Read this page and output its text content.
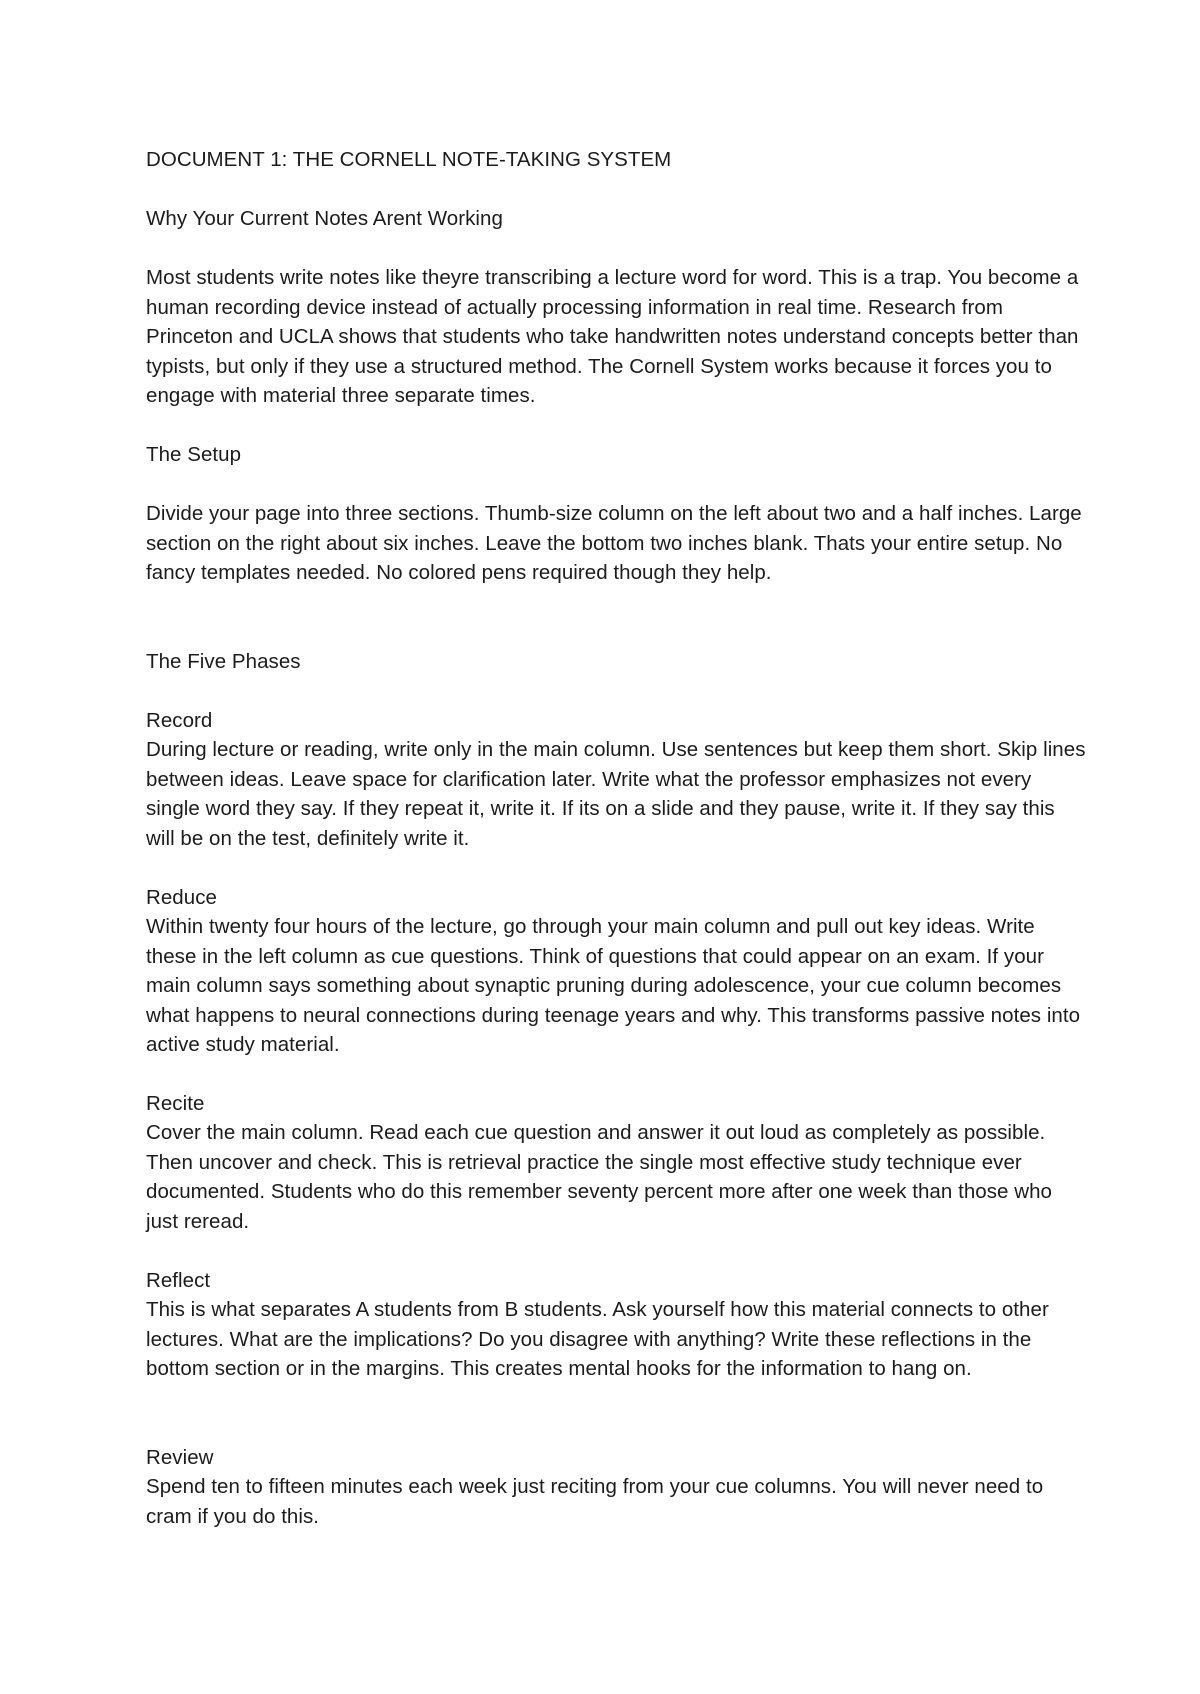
DOCUMENT 1: THE CORNELL NOTE-TAKING SYSTEM
Why Your Current Notes Arent Working
Most students write notes like theyre transcribing a lecture word for word. This is a trap. You become a human recording device instead of actually processing information in real time. Research from Princeton and UCLA shows that students who take handwritten notes understand concepts better than typists, but only if they use a structured method. The Cornell System works because it forces you to engage with material three separate times.
The Setup
Divide your page into three sections. Thumb-size column on the left about two and a half inches. Large section on the right about six inches. Leave the bottom two inches blank. Thats your entire setup. No fancy templates needed. No colored pens required though they help.
The Five Phases
Record
During lecture or reading, write only in the main column. Use sentences but keep them short. Skip lines between ideas. Leave space for clarification later. Write what the professor emphasizes not every single word they say. If they repeat it, write it. If its on a slide and they pause, write it. If they say this will be on the test, definitely write it.
Reduce
Within twenty four hours of the lecture, go through your main column and pull out key ideas. Write these in the left column as cue questions. Think of questions that could appear on an exam. If your main column says something about synaptic pruning during adolescence, your cue column becomes what happens to neural connections during teenage years and why. This transforms passive notes into active study material.
Recite
Cover the main column. Read each cue question and answer it out loud as completely as possible. Then uncover and check. This is retrieval practice the single most effective study technique ever documented. Students who do this remember seventy percent more after one week than those who just reread.
Reflect
This is what separates A students from B students. Ask yourself how this material connects to other lectures. What are the implications? Do you disagree with anything? Write these reflections in the bottom section or in the margins. This creates mental hooks for the information to hang on.
Review
Spend ten to fifteen minutes each week just reciting from your cue columns. You will never need to cram if you do this.
